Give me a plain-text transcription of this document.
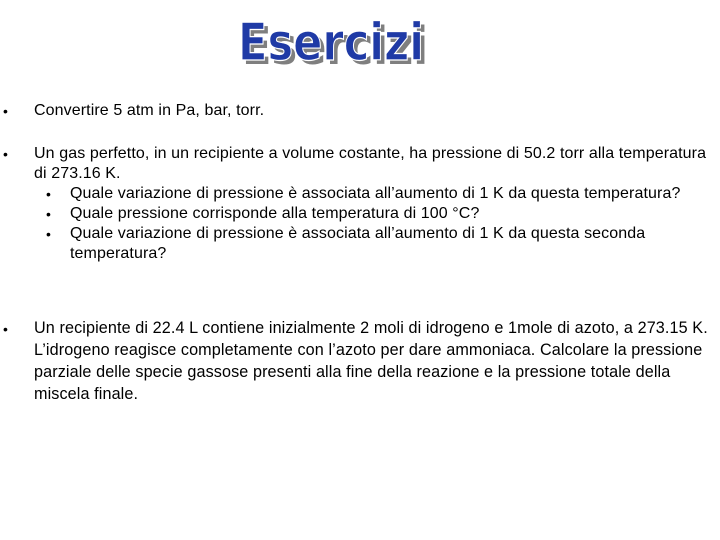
Esercizi
Esercizi
• Convertire 5 atm in Pa, bar, torr.
• Un gas perfetto, in un recipiente a volume costante, ha pressione di 50.2 torr alla temperatura di 273.16 K.
• Quale variazione di pressione è associata all’aumento di 1 K da questa temperatura?
• Quale pressione corrisponde alla temperatura di 100 °C?
• Quale variazione di pressione è associata all’aumento di 1 K da questa seconda temperatura?
• Un recipiente di 22.4 L contiene inizialmente 2 moli di idrogeno e 1mole di azoto, a 273.15 K. L’idrogeno reagisce completamente con l’azoto per dare ammoniaca. Calcolare la pressione parziale delle specie gassose presenti alla fine della reazione e la pressione totale della miscela finale.
